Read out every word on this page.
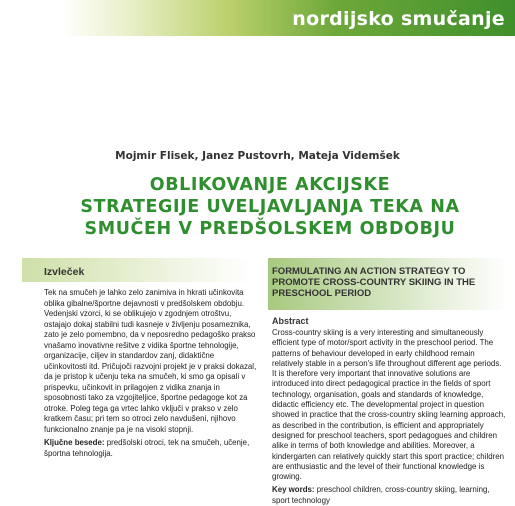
nordijsko smučanje
Mojmir Flisek, Janez Pustovrh, Mateja Videmšek
OBLIKOVANJE AKCIJSKE
STRATEGIJE UVELJAVLJANJA TEKA NA
SMUČEH V PREDŠOLSKEM OBDOBJU
Izvleček

Tek na smučeh je lahko zelo zanimiva in hkrati učinkovita oblika gibalne/športne dejavnosti v predšolskem obdobju. Vedenjski vzorci, ki se oblikujejo v zgodnjem otroštvu, ostajajo dokaj stabilni tudi kasneje v življenju posameznika, zato je zelo pomembno, da v neposredno pedagoško prakso vnašamo inovativne rešitve z vidika športne tehnologije, organizacije, ciljev in standardov zanj, didaktične učinkovitosti itd. Pričujoči razvojni projekt je v praksi dokazal, da je pristop k učenju teka na smučeh, ki smo ga opisali v prispevku, učinkovit in prilagojen z vidika znanja in sposobnosti tako za vzgojiteljice, športne pedagoge kot za otroke. Poleg tega ga vrtec lahko vključi v prakso v zelo kratkem času; pri tem so otroci zelo navdušeni, njihovo funkcionalno znanje pa je na visoki stopnji.

Ključne besede: predšolski otroci, tek na smučeh, učenje, športna tehnologija.

FORMULATING AN ACTION STRATEGY TO PROMOTE CROSS-COUNTRY SKIING IN THE PRESCHOOL PERIOD
Abstract

Cross-country skiing is a very interesting and simultaneously efficient type of motor/sport activity in the preschool period. The patterns of behaviour developed in early childhood remain relatively stable in a person's life throughout different age periods. It is therefore very important that innovative solutions are introduced into direct pedagogical practice in the fields of sport technology, organisation, goals and standards of knowledge, didactic efficiency etc. The developmental project in question showed in practice that the cross-country skiing learning approach, as described in the contribution, is efficient and appropriately designed for preschool teachers, sport pedagogues and children alike in terms of both knowledge and abilities. Moreover, a kindergarten can relatively quickly start this sport practice; children are enthusiastic and the level of their functional knowledge is growing.

Key words: preschool children, cross-country skiing, learning, sport technology
